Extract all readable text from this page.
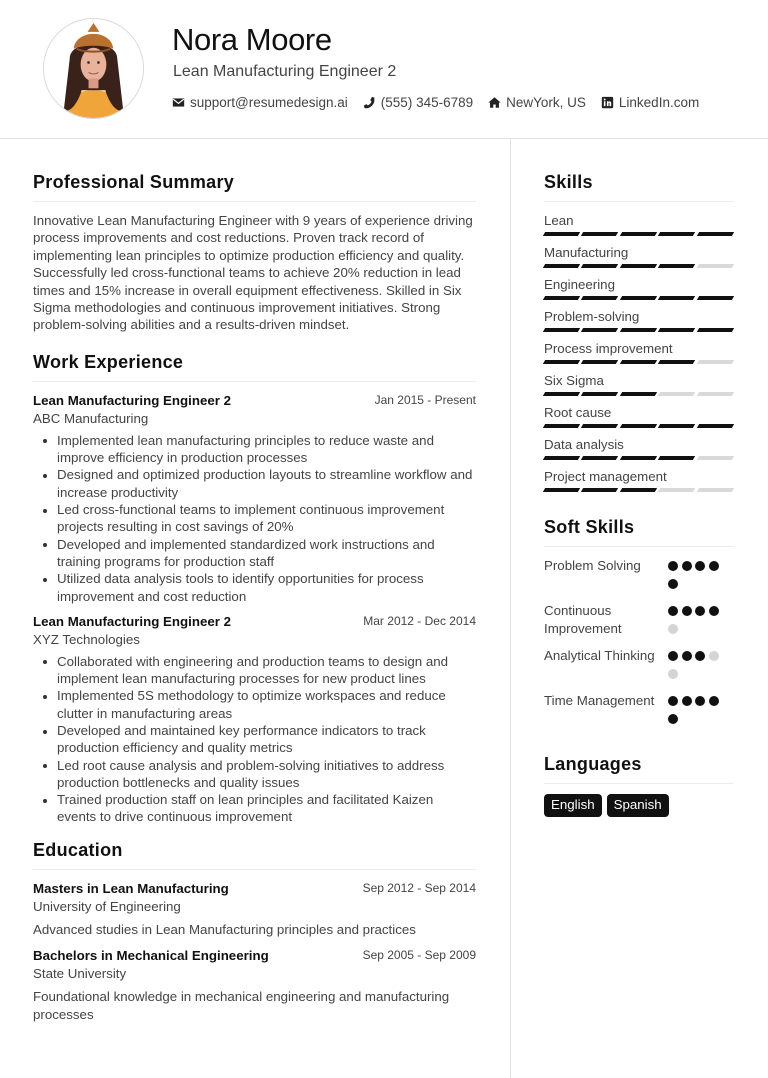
Nora Moore
Lean Manufacturing Engineer 2
support@resumedesign.ai (555) 345-6789 NewYork, US LinkedIn.com
Professional Summary

Innovative Lean Manufacturing Engineer with 9 years of experience driving process improvements and cost reductions. Proven track record of implementing lean principles to optimize production efficiency and quality. Successfully led cross-functional teams to achieve 20% reduction in lead times and 15% increase in overall equipment effectiveness. Skilled in Six Sigma methodologies and continuous improvement initiatives. Strong problem-solving abilities and a results-driven mindset.

Work Experience
Lean Manufacturing Engineer 2	Jan 2015 - Present
ABC Manufacturing
Implemented lean manufacturing principles to reduce waste and improve efficiency in production processes
Designed and optimized production layouts to streamline workflow and increase productivity
Led cross-functional teams to implement continuous improvement projects resulting in cost savings of 20%
Developed and implemented standardized work instructions and training programs for production staff
Utilized data analysis tools to identify opportunities for process improvement and cost reduction
Lean Manufacturing Engineer 2	Mar 2012 - Dec 2014
XYZ Technologies
Collaborated with engineering and production teams to design and implement lean manufacturing processes for new product lines
Implemented 5S methodology to optimize workspaces and reduce clutter in manufacturing areas
Developed and maintained key performance indicators to track production efficiency and quality metrics
Led root cause analysis and problem-solving initiatives to address production bottlenecks and quality issues
Trained production staff on lean principles and facilitated Kaizen events to drive continuous improvement
Education
Masters in Lean Manufacturing	Sep 2012 - Sep 2014
University of Engineering
Advanced studies in Lean Manufacturing principles and practices
Bachelors in Mechanical Engineering	Sep 2005 - Sep 2009
State University
Foundational knowledge in mechanical engineering and manufacturing processes
Skills
Lean
Manufacturing
Engineering
Problem-solving
Process improvement
Six Sigma
Root cause
Data analysis
Project management
Soft Skills
Problem Solving
Continuous Improvement
Analytical Thinking
Time Management
Languages
English	Spanish
